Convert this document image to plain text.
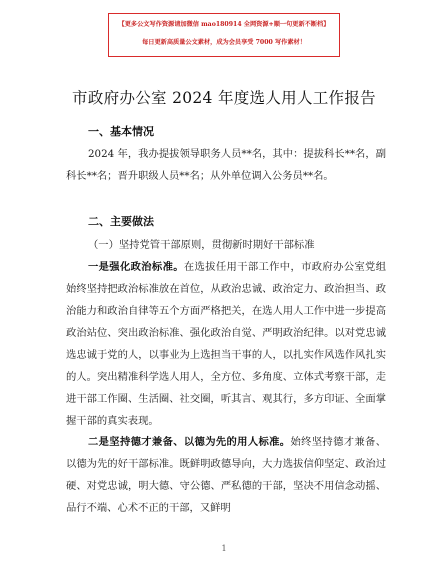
【更多公文写作资源请加微信 mao180914 全网资源+顺一句更新不断档】
每日更新高质量公文素材，成为会员享受 7000 写作素材！
市政府办公室 2024 年度选人用人工作报告
一、基本情况
2024 年，我办提拔领导职务人员**名，其中：提拔科长**名，副科长**名；晋升职级人员**名；从外单位调入公务员**名。
二、主要做法
（一）坚持党管干部原则，贯彻新时期好干部标准
一是强化政治标准。在选拔任用干部工作中，市政府办公室党组始终坚持把政治标准放在首位，从政治忠诚、政治定力、政治担当、政治能力和政治自律等五个方面严格把关，在选人用人工作中进一步提高政治站位、突出政治标准、强化政治自觉、严明政治纪律。以对党忠诚选忠诚于党的人，以事业为上选担当干事的人，以扎实作风选作风扎实的人。突出精准科学选人用人，全方位、多角度、立体式考察干部，走进干部工作圈、生活圈、社交圈，听其言、观其行，多方印证、全面掌握干部的真实表现。
二是坚持德才兼备、以德为先的用人标准。始终坚持德才兼备、以德为先的好干部标准。既鲜明政德导向，大力选拔信仰坚定、政治过硬、对党忠诚，明大德、守公德、严私德的干部，坚决不用信念动摇、品行不端、心术不正的干部，又鲜明
1
